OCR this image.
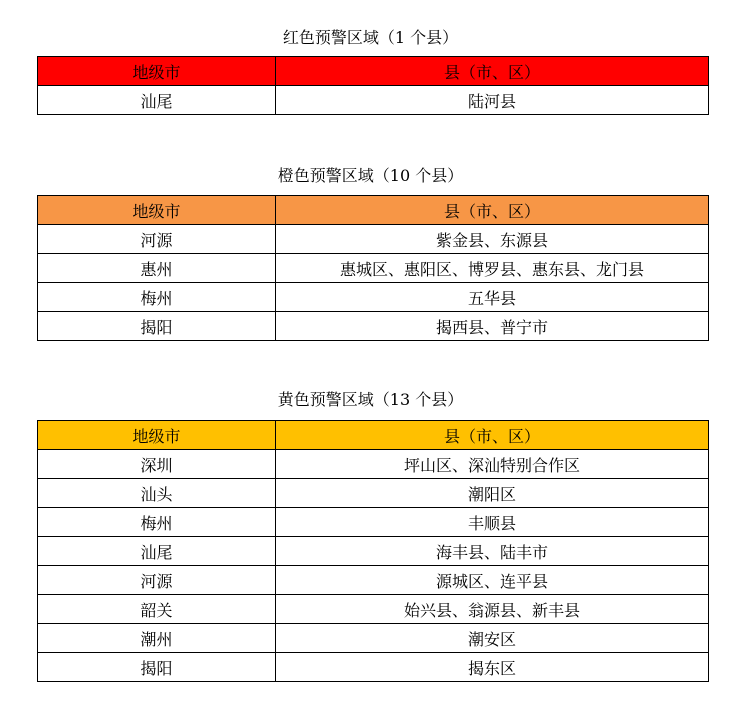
红色预警区域（1 个县）
地级市	县（市、区）
汕尾	陆河县
橙色预警区域（10 个县）
地级市	县（市、区）
河源	紫金县、东源县
惠州	惠城区、惠阳区、博罗县、惠东县、龙门县
梅州	五华县
揭阳	揭西县、普宁市
黄色预警区域（13 个县）
地级市	县（市、区）
深圳	坪山区、深汕特别合作区
汕头	潮阳区
梅州	丰顺县
汕尾	海丰县、陆丰市
河源	源城区、连平县
韶关	始兴县、翁源县、新丰县
潮州	潮安区
揭阳	揭东区
